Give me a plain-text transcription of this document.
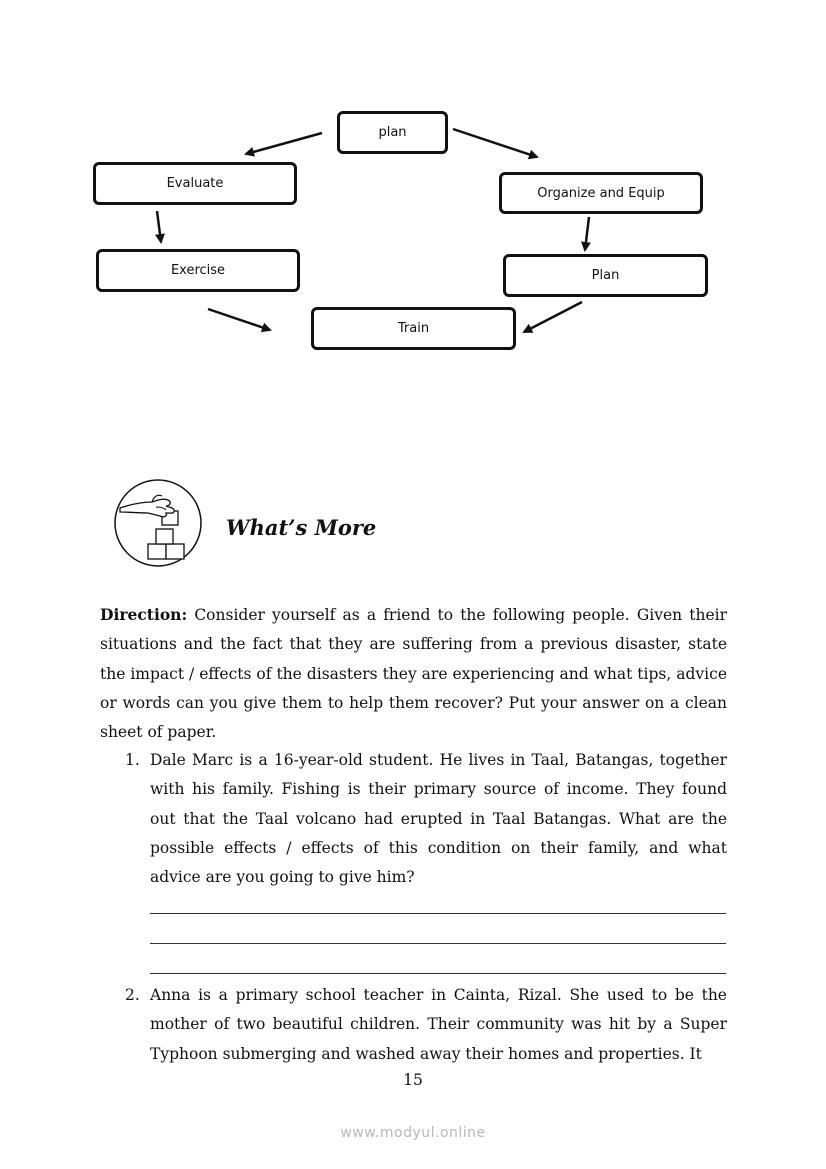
plan
Evaluate
Organize and Equip
Exercise	Plan
Train
What’s More
Direction: Consider yourself as a friend to the following people. Given their situations and the fact that they are suffering from a previous disaster, state the impact / effects of the disasters they are experiencing and what tips, advice or words can you give them to help them recover? Put your answer on a clean sheet of paper.
1. Dale Marc is a 16-year-old student. He lives in Taal, Batangas, together with his family. Fishing is their primary source of income. They found out that the Taal volcano had erupted in Taal Batangas. What are the possible effects / effects of this condition on their family, and what advice are you going to give him?
2. Anna is a primary school teacher in Cainta, Rizal. She used to be the mother of two beautiful children. Their community was hit by a Super Typhoon submerging and washed away their homes and properties. It
15
www.modyul.online
